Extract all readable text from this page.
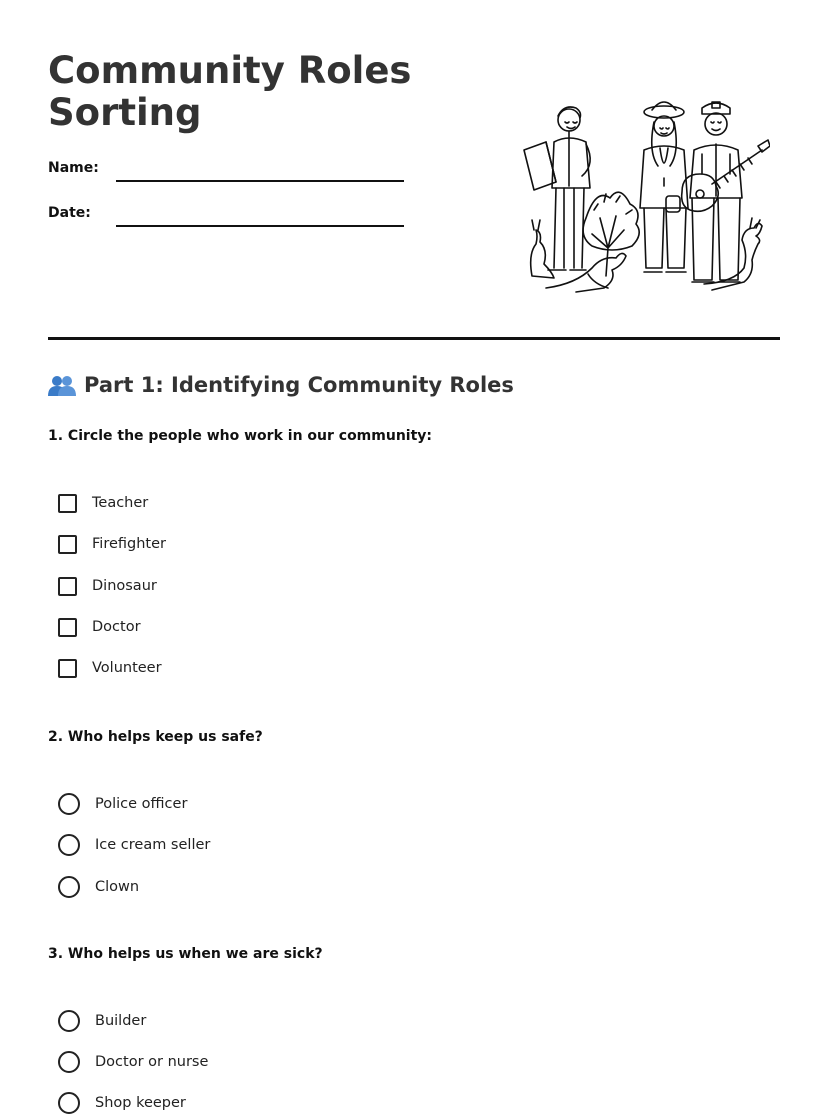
Community Roles Sorting
Name:
Date:
Part 1: Identifying Community Roles

1. Circle the people who work in our community:

Teacher
Firefighter
Dinosaur
Doctor
Volunteer

2. Who helps keep us safe?

Police officer
Ice cream seller
Clown

3. Who helps us when we are sick?

Builder
Doctor or nurse
Shop keeper
